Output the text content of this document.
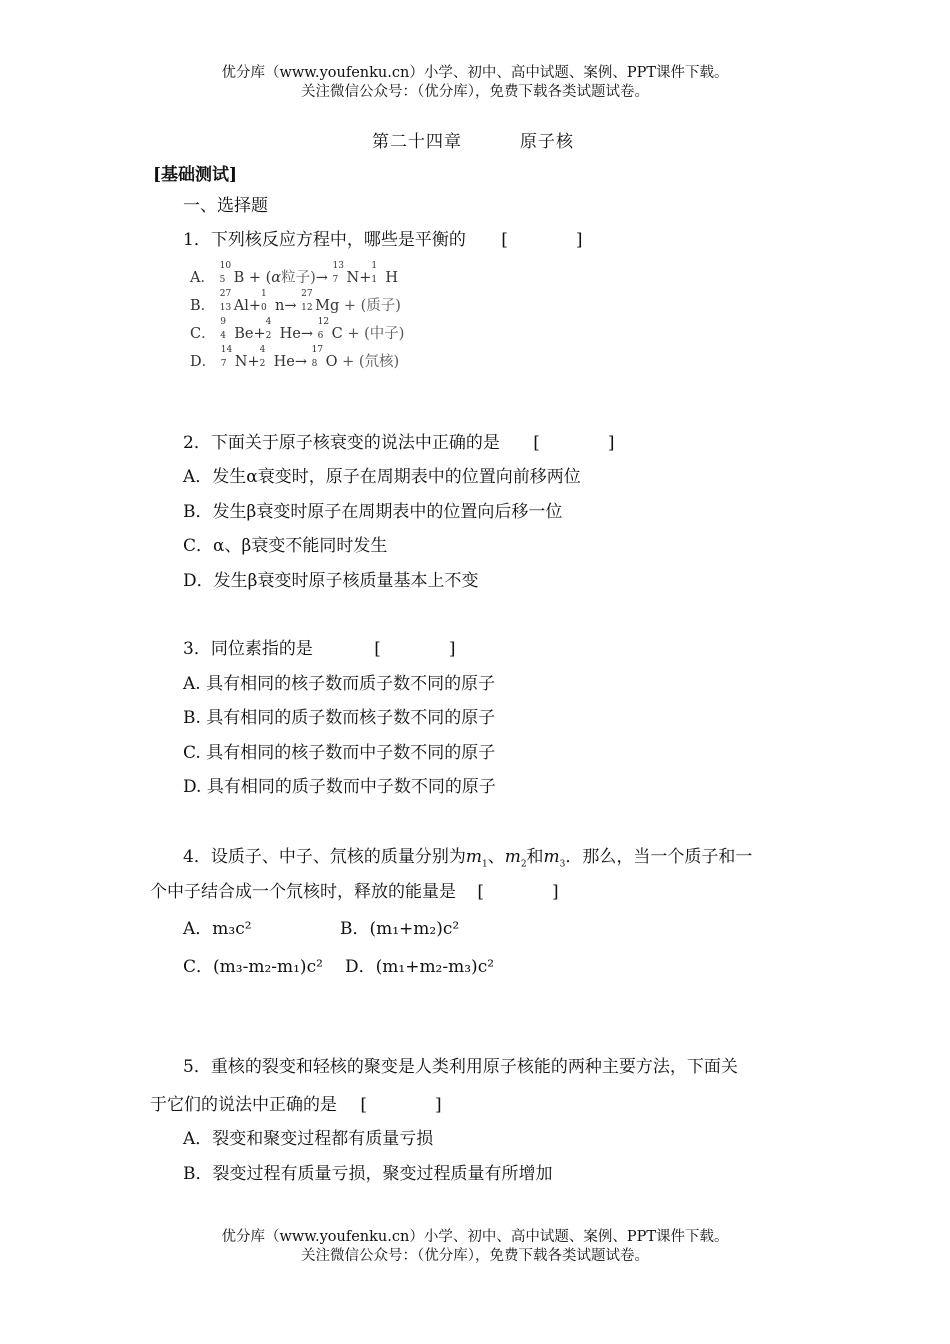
优分库（www.youfenku.cn）小学、初中、高中试题、案例、PPT课件下载。
关注微信公众号：（优分库），免费下载各类试题试卷。
第二十四章	原子核
[基础测试]
一、选择题
1．下列核反应方程中，哪些是平衡的 [　　　　]
A．
10
5 B + (α粒子)→
13
7 N+
1
1 H
B．
27
13 Al+
1
0 n→
27
12 Mg + (质子)
C．
9
4 Be+
4
2 He→
12
6 C + (中子)
D．
14
7 N+
4
2 He→
17
8 O + (氘核)
2．下面关于原子核衰变的说法中正确的是 [　　　　]
A．发生α衰变时，原子在周期表中的位置向前移两位
B．发生β衰变时原子在周期表中的位置向后移一位
C．α、β衰变不能同时发生
D．发生β衰变时原子核质量基本上不变
3．同位素指的是	[　　　　]
A. 具有相同的核子数而质子数不同的原子
B. 具有相同的质子数而核子数不同的原子
C. 具有相同的核子数而中子数不同的原子
D. 具有相同的质子数而中子数不同的原子
4．设质子、中子、氘核的质量分别为$m_1$、$m_2$和$m_3$．那么，当一个质子和一
个中子结合成一个氘核时，释放的能量是 [　　　　]
A．m₃c²	B．(m₁+m₂)c²
C．(m₃-m₂-m₁)c² D．(m₁+m₂-m₃)c²
5．重核的裂变和轻核的聚变是人类利用原子核能的两种主要方法，下面关
于它们的说法中正确的是 [　　　　]
A．裂变和聚变过程都有质量亏损
B．裂变过程有质量亏损，聚变过程质量有所增加
优分库（www.youfenku.cn）小学、初中、高中试题、案例、PPT课件下载。
关注微信公众号：（优分库），免费下载各类试题试卷。
